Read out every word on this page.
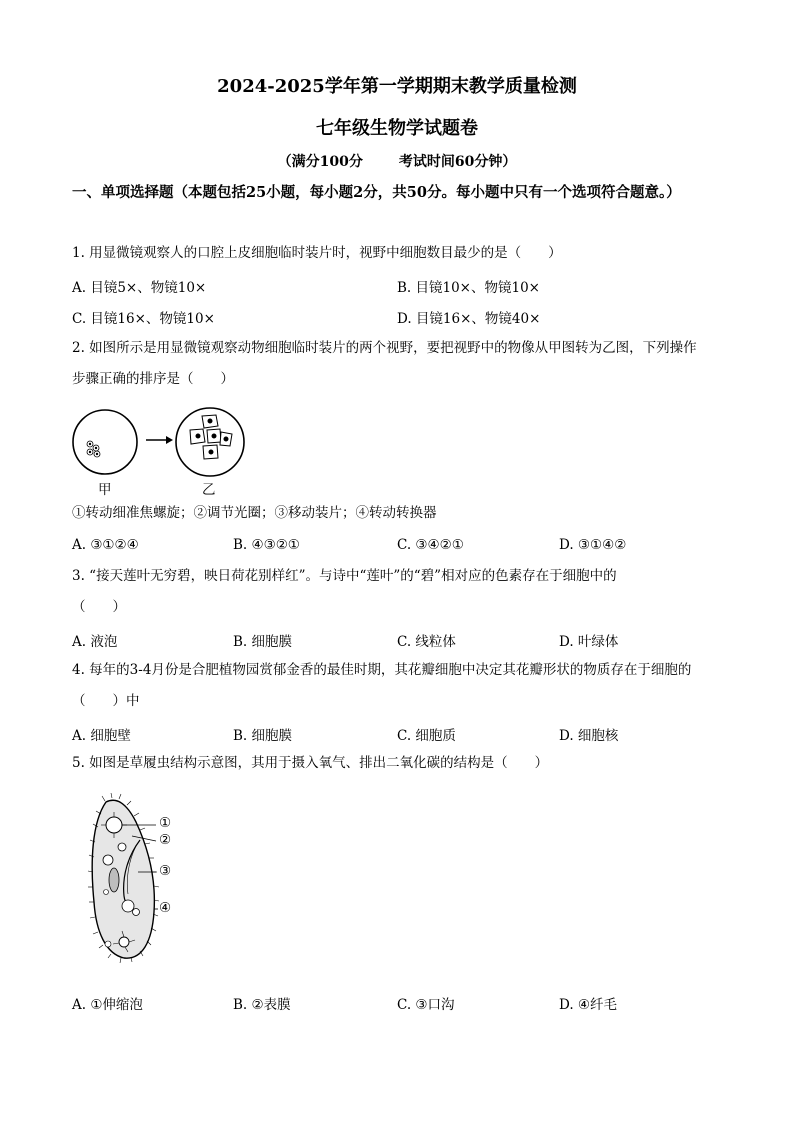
2024-2025学年第一学期期末教学质量检测
七年级生物学试题卷
（满分100分	考试时间60分钟）
一、单项选择题（本题包括25小题，每小题2分，共50分。每小题中只有一个选项符合题意。）
1. 用显微镜观察人的口腔上皮细胞临时装片时，视野中细胞数目最少的是（　　）
A. 目镜5×、物镜10×	B. 目镜10×、物镜10×
C. 目镜16×、物镜10×	D. 目镜16×、物镜40×
2. 如图所示是用显微镜观察动物细胞临时装片的两个视野，要把视野中的物像从甲图转为乙图，下列操作
步骤正确的排序是（　　）
甲	乙
①转动细准焦螺旋；②调节光圈；③移动装片；④转动转换器
A. ③①②④	B. ④③②①	C. ③④②①	D. ③①④②
3. “接天莲叶无穷碧，映日荷花别样红”。与诗中“莲叶”的“碧”相对应的色素存在于细胞中的
（　　）
A. 液泡	B. 细胞膜	C. 线粒体	D. 叶绿体
4. 每年的3-4月份是合肥植物园赏郁金香的最佳时期，其花瓣细胞中决定其花瓣形状的物质存在于细胞的
（　　）中
A. 细胞壁	B. 细胞膜	C. 细胞质	D. 细胞核
5. 如图是草履虫结构示意图，其用于摄入氧气、排出二氧化碳的结构是（　　）
①
②
③
④
A. ①伸缩泡	B. ②表膜	C. ③口沟	D. ④纤毛
